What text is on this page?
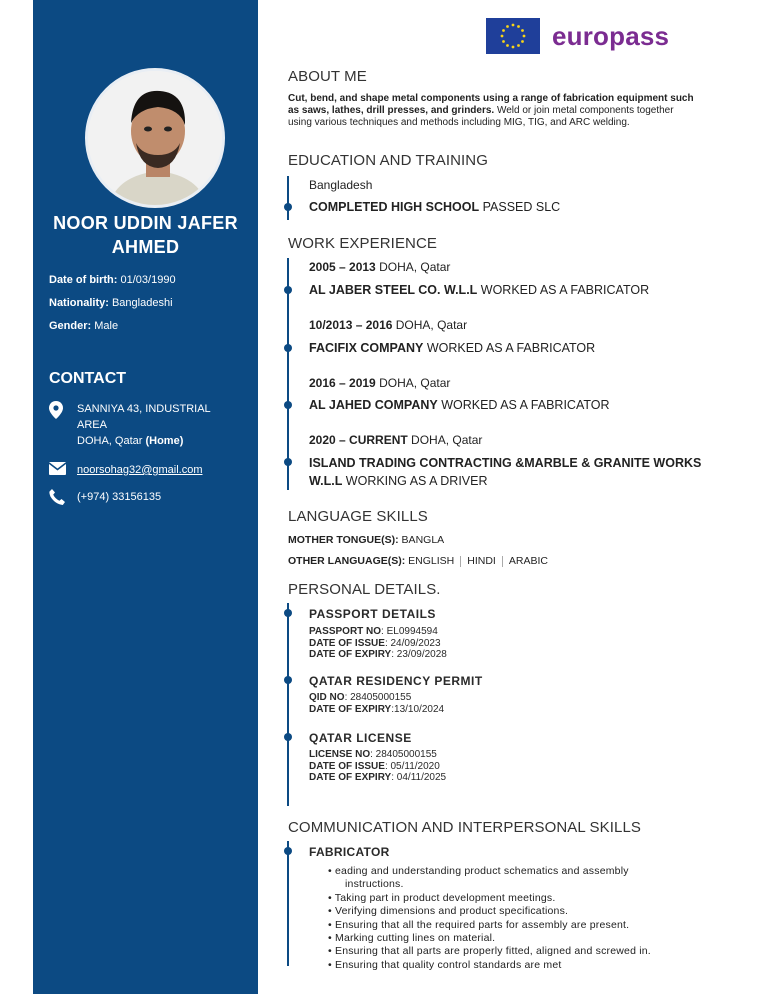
NOOR UDDIN JAFER AHMED
Date of birth: 01/03/1990
Nationality: Bangladeshi
Gender: Male
CONTACT
SANNIYA 43, INDUSTRIAL AREA
DOHA, Qatar (Home)
noorsohag32@gmail.com
(+974) 33156135
europass
ABOUT ME
Cut, bend, and shape metal components using a range of fabrication equipment such as saws, lathes, drill presses, and grinders. Weld or join metal components together using various techniques and methods including MIG, TIG, and ARC welding.
EDUCATION AND TRAINING
Bangladesh
COMPLETED HIGH SCHOOL PASSED SLC
WORK EXPERIENCE
2005 – 2013 DOHA, Qatar
AL JABER STEEL CO. W.L.L WORKED AS A FABRICATOR
10/2013 – 2016 DOHA, Qatar
FACIFIX COMPANY WORKED AS A FABRICATOR
2016 – 2019 DOHA, Qatar
AL JAHED COMPANY WORKED AS A FABRICATOR
2020 – CURRENT DOHA, Qatar
ISLAND TRADING CONTRACTING &MARBLE & GRANITE WORKS W.L.L WORKING AS A DRIVER
LANGUAGE SKILLS
MOTHER TONGUE(S): BANGLA
OTHER LANGUAGE(S): ENGLISH HINDI ARABIC
PERSONAL DETAILS.
PASSPORT DETAILS
PASSPORT NO: EL0994594
DATE OF ISSUE: 24/09/2023
DATE OF EXPIRY: 23/09/2028
QATAR RESIDENCY PERMIT
QID NO: 28405000155
DATE OF EXPIRY:13/10/2024
QATAR LICENSE
LICENSE NO: 28405000155
DATE OF ISSUE: 05/11/2020
DATE OF EXPIRY: 04/11/2025
COMMUNICATION AND INTERPERSONAL SKILLS
FABRICATOR
• eading and understanding product schematics and assembly
instructions.
• Taking part in product development meetings.
• Verifying dimensions and product specifications.
• Ensuring that all the required parts for assembly are present.
• Marking cutting lines on material.
• Ensuring that all parts are properly fitted, aligned and screwed in.
• Ensuring that quality control standards are met
